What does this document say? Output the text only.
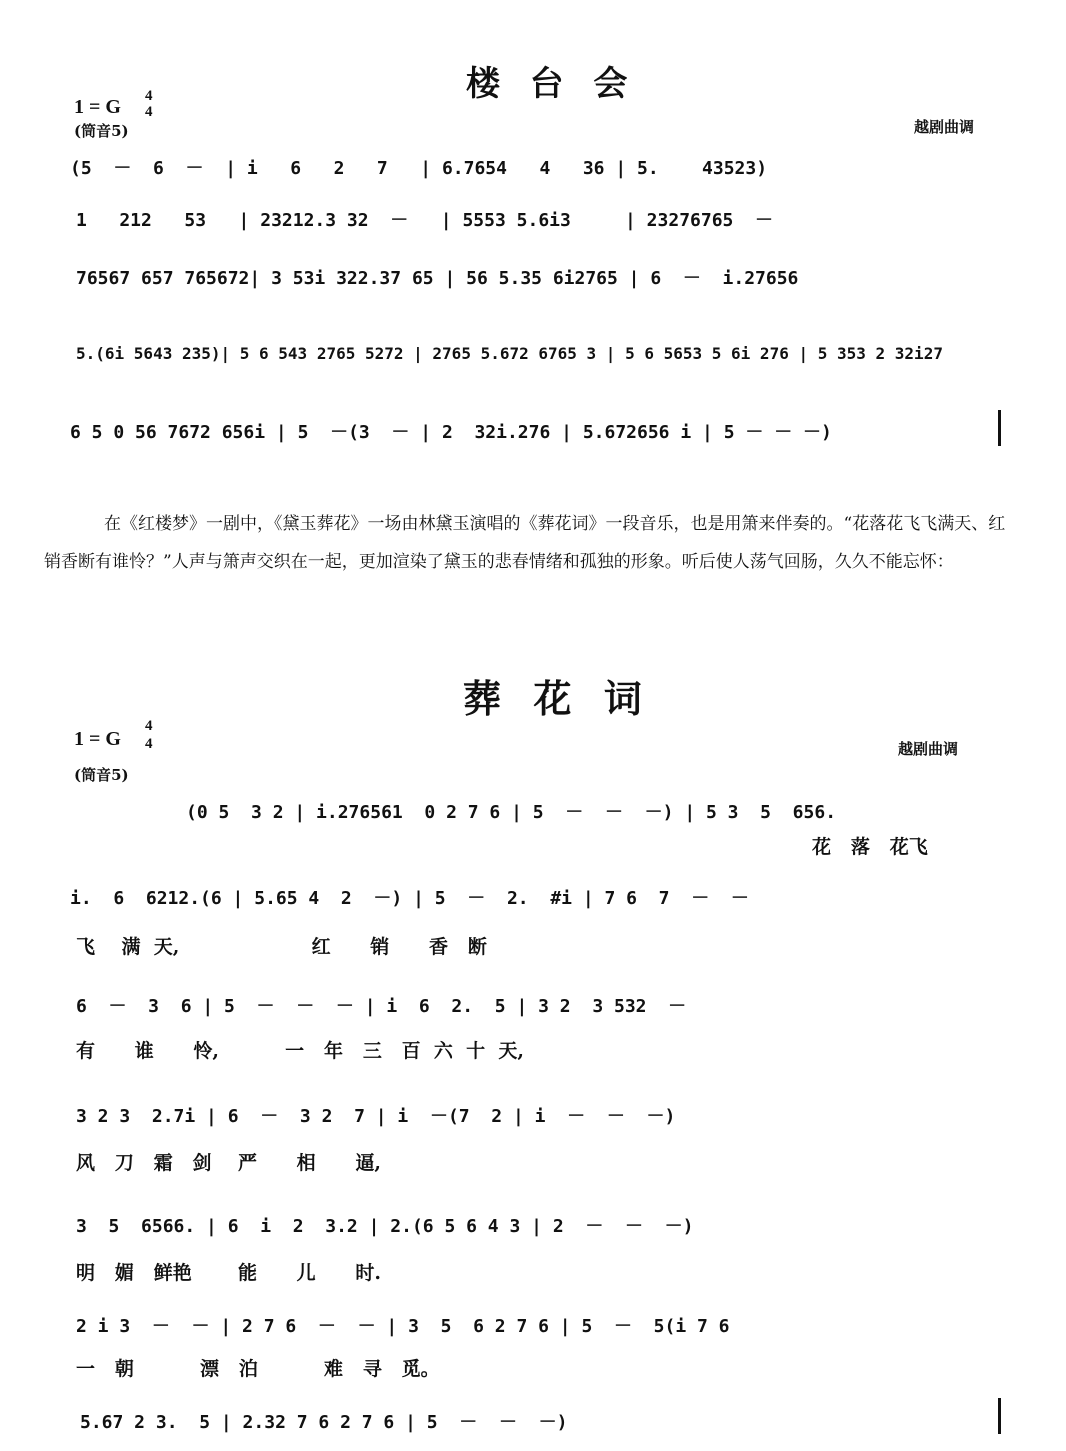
楼  台  会
1 = G 4
4
(筒音5)	越剧曲调
(5  －  6  －  | i   6   2   7   | 6.7654   4   36 | 5.    43523)
1   212   53   | 23212.3 32  －   | 5553 5.6i3     | 23276765  －
76567 657 765672| 3 53i 322.37 65 | 56 5.35 6i2765 | 6  －  i.27656
5.(6i 5643 235)| 5 6 543 2765 5272 | 2765 5.672 6765 3 | 5 6 5653 5 6i 276 | 5 353 2 32i27
6 5 0 56 7672 656i | 5  －(3  － | 2  32i.276 | 5.672656 i | 5 － － －)
在《红楼梦》一剧中，《黛玉葬花》一场由林黛玉演唱的《葬花词》一段音乐，也是用箫来伴奏的。“花落花飞飞满天、红销香断有谁怜？”人声与箫声交织在一起，更加渲染了黛玉的悲春情绪和孤独的形象。听后使人荡气回肠，久久不能忘怀：
葬  花  词
1 = G
4
4
(筒音5)
越剧曲调
(0 5  3 2 | i.276561  0 2 7 6 | 5  －  －  －) | 5 3  5  656.
花   落   花飞
i.  6  6212.(6 | 5.65 4  2  －) | 5  －  2.  #i | 7 6  7  －  －
飞    满  天,                    红      销      香   断
6  －  3  6 | 5  －  －  － | i  6  2.  5 | 3 2  3 532  －
有      谁      怜,          一   年   三   百  六  十  天,
3 2 3  2.7i | 6  －  3 2  7 | i  －(7  2 | i  －  －  －)
风   刀   霜   剑    严      相      逼,
3  5  6566. | 6  i  2  3.2 | 2.(6 5 6 4 3 | 2  －  －  －)
明   媚   鲜艳       能      儿      时.
2 i 3  －  － | 2 7 6  －  － | 3  5  6 2 7 6 | 5  －  5(i 7 6
一   朝          漂   泊          难   寻   觅。
5.67 2 3.  5 | 2.32 7 6 2 7 6 | 5  －  －  －)
